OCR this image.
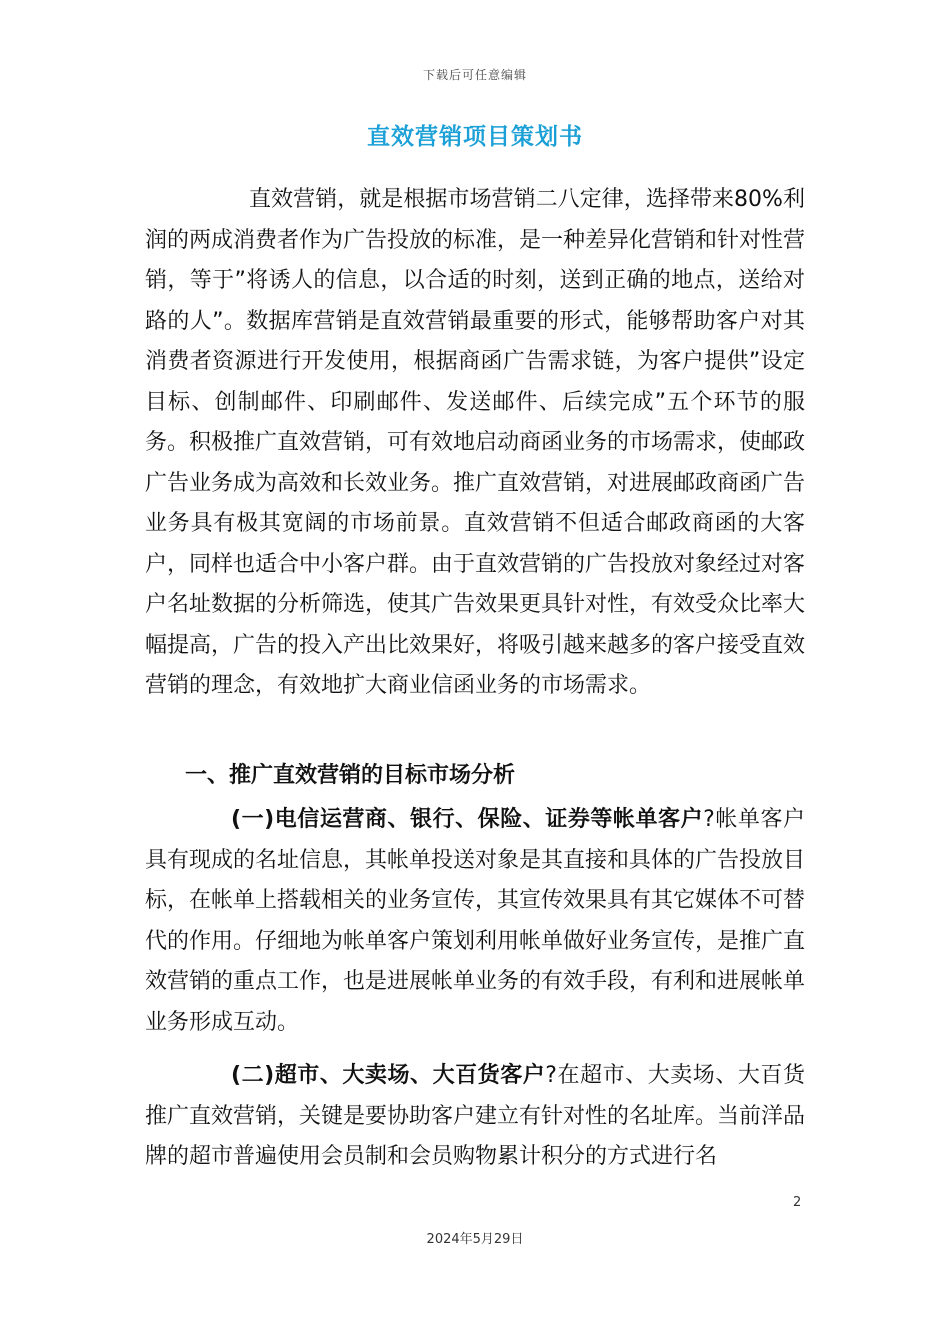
下载后可任意编辑
直效营销项目策划书

直效营销，就是根据市场营销二八定律，选择带来80%利润的两成消费者作为广告投放的标准，是一种差异化营销和针对性营销，等于”将诱人的信息，以合适的时刻，送到正确的地点，送给对路的人”。数据库营销是直效营销最重要的形式，能够帮助客户对其消费者资源进行开发使用，根据商函广告需求链，为客户提供”设定目标、创制邮件、印刷邮件、发送邮件、后续完成”五个环节的服务。积极推广直效营销，可有效地启动商函业务的市场需求，使邮政广告业务成为高效和长效业务。推广直效营销，对进展邮政商函广告业务具有极其宽阔的市场前景。直效营销不但适合邮政商函的大客户，同样也适合中小客户群。由于直效营销的广告投放对象经过对客户名址数据的分析筛选，使其广告效果更具针对性，有效受众比率大幅提高，广告的投入产出比效果好，将吸引越来越多的客户接受直效营销的理念，有效地扩大商业信函业务的市场需求。

一、推广直效营销的目标市场分析

(一)电信运营商、银行、保险、证券等帐单客户?帐单客户具有现成的名址信息，其帐单投送对象是其直接和具体的广告投放目标，在帐单上搭载相关的业务宣传，其宣传效果具有其它媒体不可替代的作用。仔细地为帐单客户策划利用帐单做好业务宣传，是推广直效营销的重点工作，也是进展帐单业务的有效手段，有利和进展帐单业务形成互动。

(二)超市、大卖场、大百货客户?在超市、大卖场、大百货推广直效营销，关键是要协助客户建立有针对性的名址库。当前洋品牌的超市普遍使用会员制和会员购物累计积分的方式进行名

2
2024年5月29日
